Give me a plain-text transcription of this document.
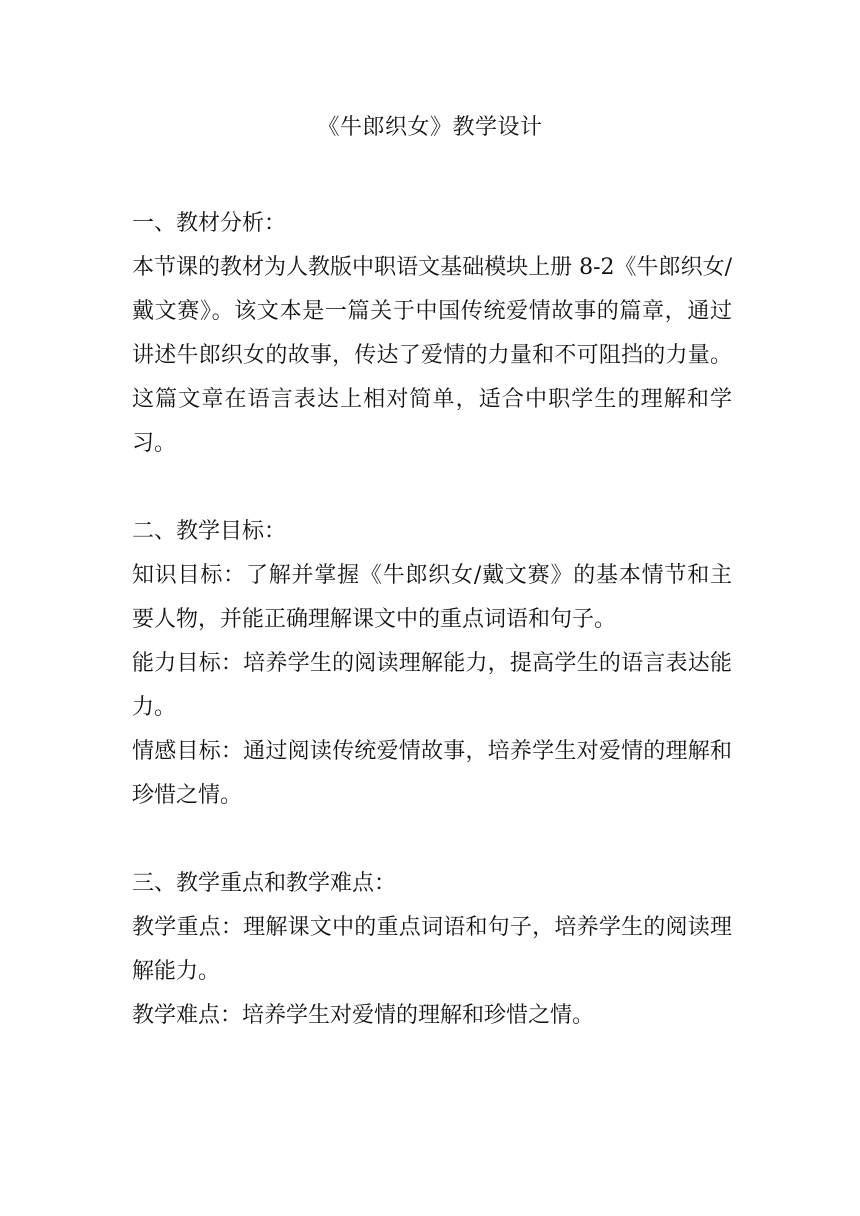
《牛郎织女》教学设计

一、教材分析：

本节课的教材为人教版中职语文基础模块上册 8-2《牛郎织女/戴文赛》。该文本是一篇关于中国传统爱情故事的篇章，通过讲述牛郎织女的故事，传达了爱情的力量和不可阻挡的力量。这篇文章在语言表达上相对简单，适合中职学生的理解和学习。

二、教学目标：

知识目标：了解并掌握《牛郎织女/戴文赛》的基本情节和主要人物，并能正确理解课文中的重点词语和句子。

能力目标：培养学生的阅读理解能力，提高学生的语言表达能力。

情感目标：通过阅读传统爱情故事，培养学生对爱情的理解和珍惜之情。

三、教学重点和教学难点：

教学重点：理解课文中的重点词语和句子，培养学生的阅读理解能力。

教学难点：培养学生对爱情的理解和珍惜之情。
